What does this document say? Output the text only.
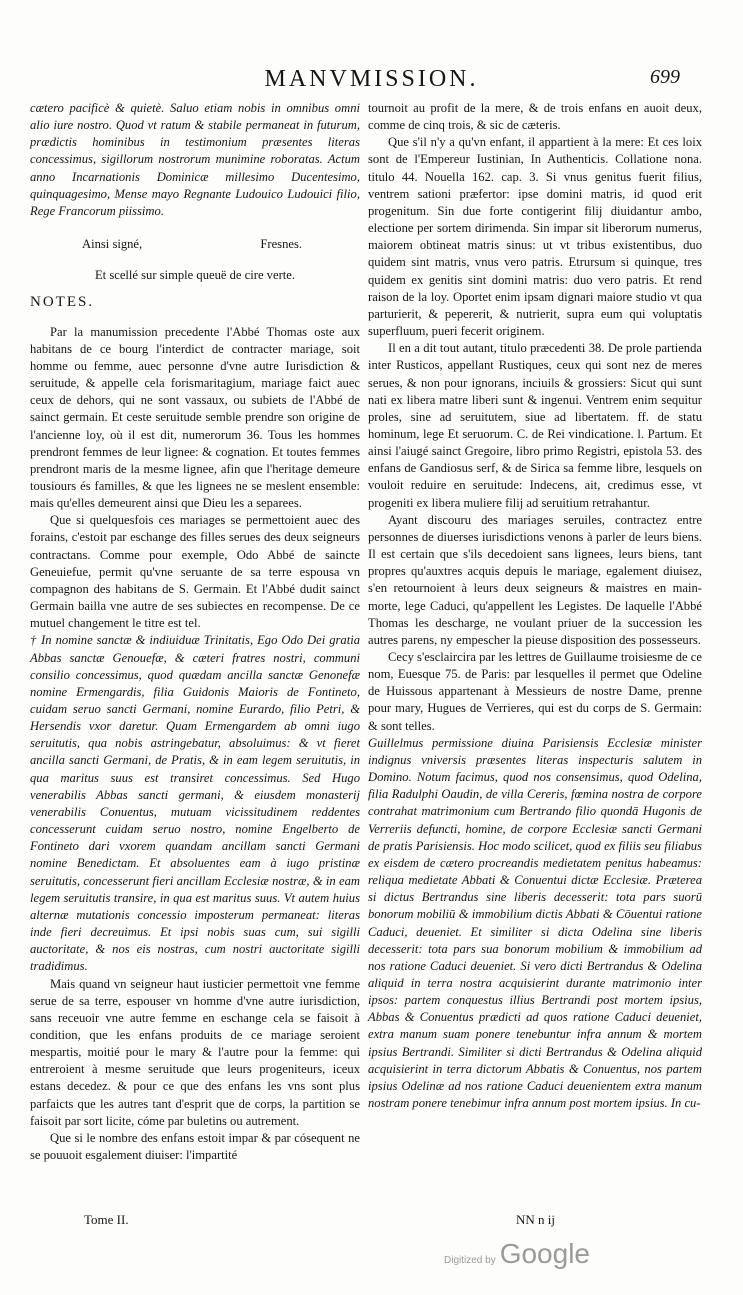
MANVMISSION.	699

cætero pacificè & quietè. Saluo etiam nobis in omnibus omni alio iure nostro. Quod vt ratum & stabile permaneat in futurum, prædictis hominibus in testimonium præsentes literas concessimus, sigillorum nostrorum munimine roboratas. Actum anno Incarnationis Dominicæ millesimo Ducentesimo, quinquagesimo, Mense mayo Regnante Ludouico Ludouici filio, Rege Francorum piissimo.

Ainsi signé,	Fresnes.

Et scellé sur simple queuë de cire verte.

NOTES.

Par la manumission precedente l'Abbé Thomas oste aux habitans de ce bourg l'interdict de contracter mariage, soit homme ou femme, auec personne d'vne autre Iurisdiction & seruitude, & appelle cela forismaritagium, mariage faict auec ceux de dehors, qui ne sont vassaux, ou subiets de l'Abbé de sainct germain. Et ceste seruitude semble prendre son origine de l'ancienne loy, où il est dit, numerorum 36. Tous les hommes prendront femmes de leur lignee: & cognation. Et toutes femmes prendront maris de la mesme lignee, afin que l'heritage demeure tousiours és familles, & que les lignees ne se meslent ensemble: mais qu'elles demeurent ainsi que Dieu les a separees.

Que si quelquesfois ces mariages se permettoient auec des forains, c'estoit par eschange des filles serues des deux seigneurs contractans. Comme pour exemple, Odo Abbé de saincte Geneuiefue, permit qu'vne seruante de sa terre espousa vn compagnon des habitans de S. Germain. Et l'Abbé dudit sainct Germain bailla vne autre de ses subiectes en recompense. De ce mutuel changement le titre est tel.

† In nomine sanctæ & indiuiduæ Trinitatis, Ego Odo Dei gratia Abbas sanctæ Genouefæ, & cæteri fratres nostri, communi consilio concessimus, quod quædam ancilla sanctæ Genonefæ nomine Ermengardis, filia Guidonis Maioris de Fontineto, cuidam seruo sancti Germani, nomine Eurardo, filio Petri, & Hersendis vxor daretur. Quam Ermengardem ab omni iugo seruitutis, qua nobis astringebatur, absoluimus: & vt fieret ancilla sancti Germani, de Pratis, & in eam legem seruitutis, in qua maritus suus est transiret concessimus. Sed Hugo venerabilis Abbas sancti germani, & eiusdem monasterij venerabilis Conuentus, mutuam vicissitudinem reddentes concesserunt cuidam seruo nostro, nomine Engelberto de Fontineto dari vxorem quandam ancillam sancti Germani nomine Benedictam. Et absoluentes eam à iugo pristinæ seruitutis, concesserunt fieri ancillam Ecclesiæ nostræ, & in eam legem seruitutis transire, in qua est maritus suus. Vt autem huius alternæ mutationis concessio imposterum permaneat: literas inde fieri decreuimus. Et ipsi nobis suas cum, sui sigilli auctoritate, & nos eis nostras, cum nostri auctoritate sigilli tradidimus.

Mais quand vn seigneur haut iusticier permettoit vne femme serue de sa terre, espouser vn homme d'vne autre iurisdiction, sans receuoir vne autre femme en eschange cela se faisoit à condition, que les enfans produits de ce mariage seroient mespartis, moitié pour le mary & l'autre pour la femme: qui entreroient à mesme seruitude que leurs progeniteurs, iceux estans decedez. & pour ce que des enfans les vns sont plus parfaicts que les autres tant d'esprit que de corps, la partition se faisoit par sort licite, cóme par buletins ou autrement.

Que si le nombre des enfans estoit impar & par cósequent ne se pouuoit esgalement diuiser: l'impartité

tournoit au profit de la mere, & de trois enfans en auoit deux, comme de cinq trois, & sic de cæteris.

Que s'il n'y a qu'vn enfant, il appartient à la mere: Et ces loix sont de l'Empereur Iustinian, In Authenticis. Collatione nona. titulo 44. Nouella 162. cap. 3. Si vnus genitus fuerit filius, ventrem sationi præfertor: ipse domini matris, id quod erit progenitum. Sin due forte contigerint filij diuidantur ambo, electione per sortem dirimenda. Sin impar sit liberorum numerus, maiorem obtineat matris sinus: ut vt tribus existentibus, duo quidem sint matris, vnus vero patris. Etrursum si quinque, tres quidem ex genitis sint domini matris: duo vero patris. Et rend raison de la loy. Oportet enim ipsam dignari maiore studio vt qua parturierit, & pepererit, & nutrierit, supra eum qui voluptatis superfluum, pueri fecerit originem.

Il en a dit tout autant, titulo præcedenti 38. De prole partienda inter Rusticos, appellant Rustiques, ceux qui sont nez de meres serues, & non pour ignorans, inciuils & grossiers: Sicut qui sunt nati ex libera matre liberi sunt & ingenui. Ventrem enim sequitur proles, sine ad seruitutem, siue ad libertatem. ff. de statu hominum, lege Et seruorum. C. de Rei vindicatione. l. Partum. Et ainsi l'aiugé sainct Gregoire, libro primo Registri, epistola 53. des enfans de Gandiosus serf, & de Sirica sa femme libre, lesquels on vouloit reduire en seruitude: Indecens, ait, credimus esse, vt progeniti ex libera muliere filij ad seruitium retrahantur.

Ayant discouru des mariages seruiles, contractez entre personnes de diuerses iurisdictions venons à parler de leurs biens. Il est certain que s'ils decedoient sans lignees, leurs biens, tant propres qu'auxtres acquis depuis le mariage, egalement diuisez, s'en retournoient à leurs deux seigneurs & maistres en main-morte, lege Caduci, qu'appellent les Legistes. De laquelle l'Abbé Thomas les descharge, ne voulant priuer de la succession les autres parens, ny empescher la pieuse disposition des possesseurs.

Cecy s'esclaircira par les lettres de Guillaume troisiesme de ce nom, Euesque 75. de Paris: par lesquelles il permet que Odeline de Huissous appartenant à Messieurs de nostre Dame, prenne pour mary, Hugues de Verrieres, qui est du corps de S. Germain: & sont telles.

Guillelmus permissione diuina Parisiensis Ecclesiæ minister indignus vniversis præsentes literas inspecturis salutem in Domino. Notum facimus, quod nos consensimus, quod Odelina, filia Radulphi Oaudin, de villa Cereris, fœmina nostra de corpore contrahat matrimonium cum Bertrando filio quondā Hugonis de Verreriis defuncti, homine, de corpore Ecclesiæ sancti Germani de pratis Parisiensis. Hoc modo scilicet, quod ex filiis seu filiabus ex eisdem de cætero procreandis medietatem penitus habeamus: reliqua medietate Abbati & Conuentui dictæ Ecclesiæ. Præterea si dictus Bertrandus sine liberis decesserit: tota pars suorū bonorum mobiliū & immobilium dictis Abbati & Cōuentui ratione Caduci, deueniet. Et similiter si dicta Odelina sine liberis decesserit: tota pars sua bonorum mobilium & immobilium ad nos ratione Caduci deueniet. Si vero dicti Bertrandus & Odelina aliquid in terra nostra acquisierint durante matrimonio inter ipsos: partem conquestus illius Bertrandi post mortem ipsius, Abbas & Conuentus prædicti ad quos ratione Caduci deueniet, extra manum suam ponere tenebuntur infra annum & mortem ipsius Bertrandi. Similiter si dicti Bertrandus & Odelina aliquid acquisierint in terra dictorum Abbatis & Conuentus, nos partem ipsius Odelinæ ad nos ratione Caduci deuenientem extra manum nostram ponere tenebimur infra annum post mortem ipsius. In cu-

Tome II.	NN n ij
Digitized by Google
